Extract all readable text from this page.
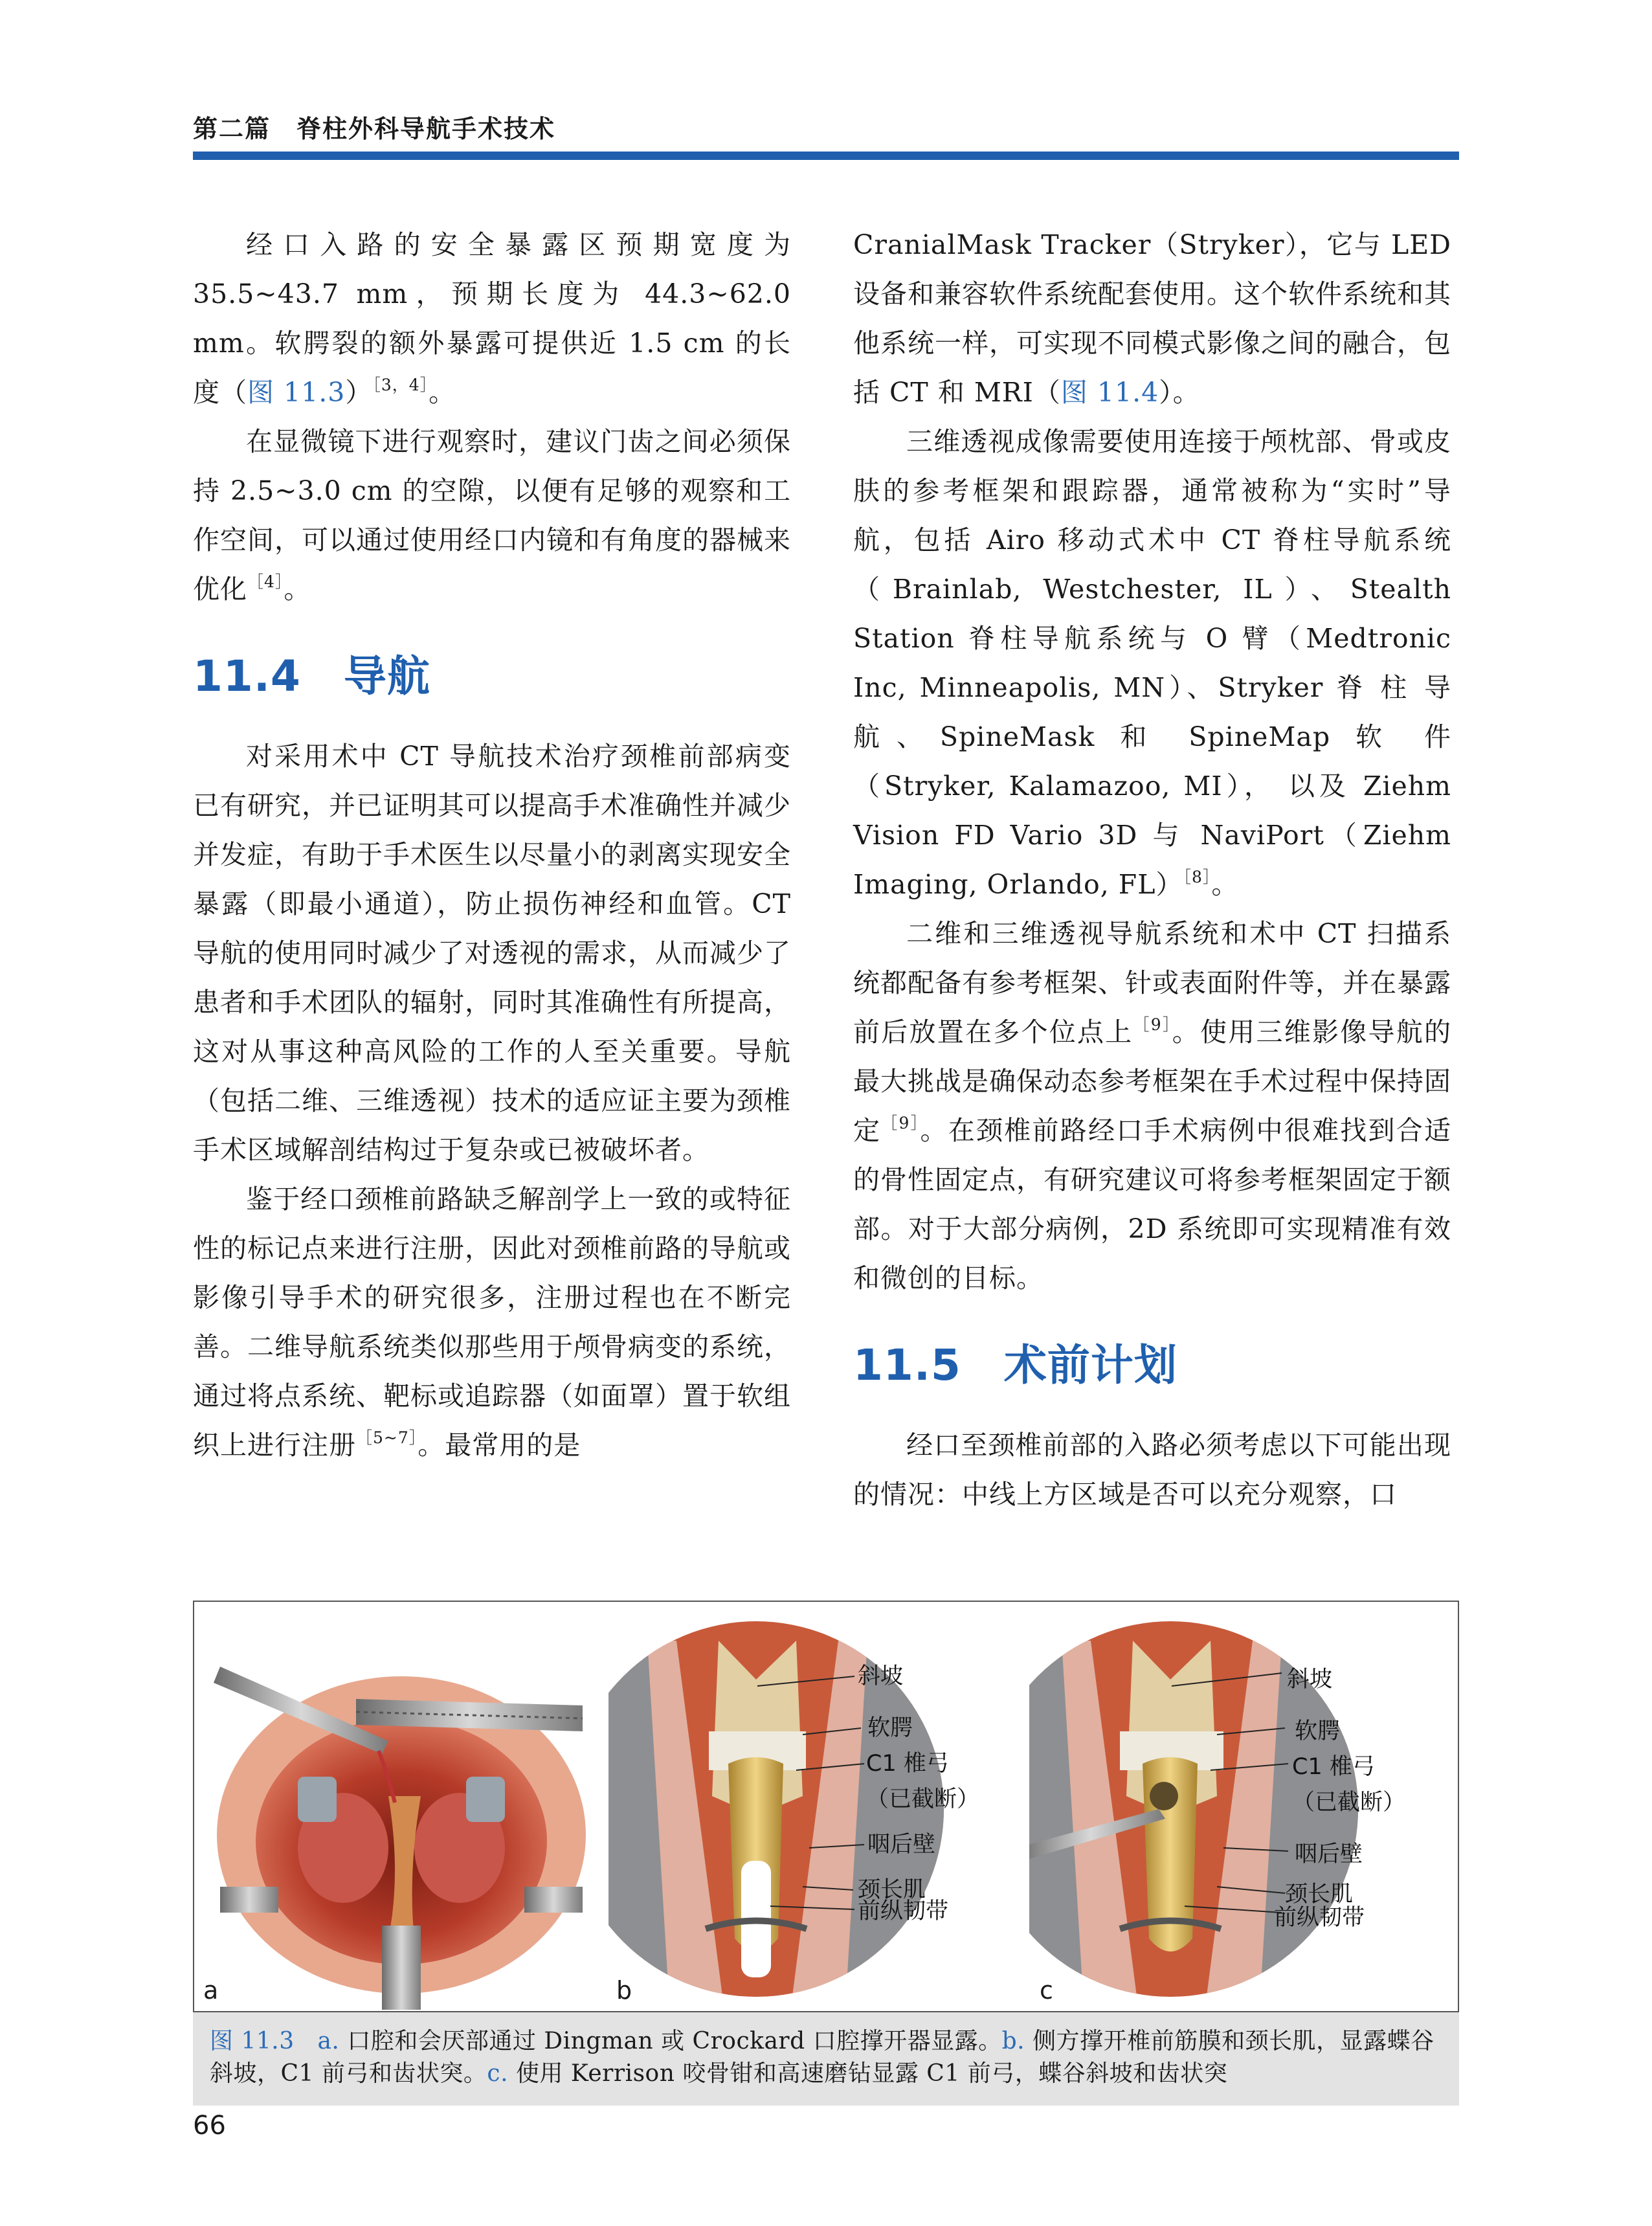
第二篇　脊柱外科导航手术技术

经口入路的安全暴露区预期宽度为 35.5~43.7 mm，预期长度为 44.3~62.0 mm。软腭裂的额外暴露可提供近 1.5 cm 的长度（图 11.3）$^{[3,4]}$。

在显微镜下进行观察时，建议门齿之间必须保持 2.5~3.0 cm 的空隙，以便有足够的观察和工作空间，可以通过使用经口内镜和有角度的器械来优化$^{[4]}$。

11.4 导航

对采用术中 CT 导航技术治疗颈椎前部病变已有研究，并已证明其可以提高手术准确性并减少并发症，有助于手术医生以尽量小的剥离实现安全暴露（即最小通道），防止损伤神经和血管。CT 导航的使用同时减少了对透视的需求，从而减少了患者和手术团队的辐射，同时其准确性有所提高，这对从事这种高风险的工作的人至关重要。导航（包括二维、三维透视）技术的适应证主要为颈椎手术区域解剖结构过于复杂或已被破坏者。

鉴于经口颈椎前路缺乏解剖学上一致的或特征性的标记点来进行注册，因此对颈椎前路的导航或影像引导手术的研究很多，注册过程也在不断完善。二维导航系统类似那些用于颅骨病变的系统，通过将点系统、靶标或追踪器（如面罩）置于软组织上进行注册$^{[5\sim 7]}$。最常用的是

CranialMask Tracker（Stryker），它与 LED 设备和兼容软件系统配套使用。这个软件系统和其他系统一样，可实现不同模式影像之间的融合，包括 CT 和 MRI（图 11.4）。

三维透视成像需要使用连接于颅枕部、骨或皮肤的参考框架和跟踪器，通常被称为“实时”导航，包括 Airo 移动式术中 CT 脊柱导航系统（Brainlab, Westchester, IL）、Stealth Station 脊柱导航系统与 O 臂（Medtronic Inc, Minneapolis, MN）、Stryker 脊 柱 导 航、SpineMask 和 SpineMap 软 件（Stryker, Kalamazoo, MI）， 以及 Ziehm Vision FD Vario 3D 与 NaviPort（Ziehm Imaging, Orlando, FL）$^{[8]}$。

二维和三维透视导航系统和术中 CT 扫描系统都配备有参考框架、针或表面附件等，并在暴露前后放置在多个位点上$^{[9]}$。使用三维影像导航的最大挑战是确保动态参考框架在手术过程中保持固定$^{[9]}$。在颈椎前路经口手术病例中很难找到合适的骨性固定点，有研究建议可将参考框架固定于额部。对于大部分病例，2D 系统即可实现精准有效和微创的目标。

11.5 术前计划

经口至颈椎前部的入路必须考虑以下可能出现的情况：中线上方区域是否可以充分观察，口

a
斜坡
软腭
C1 椎弓
（已截断）
咽后壁
颈长肌
前纵韧带
b
斜坡
软腭
C1 椎弓
（已截断）
咽后壁
颈长肌
前纵韧带
c
图 11.3 a. 口腔和会厌部通过 Dingman 或 Crockard 口腔撑开器显露。b. 侧方撑开椎前筋膜和颈长肌，显露蝶谷斜坡，C1 前弓和齿状突。c. 使用 Kerrison 咬骨钳和高速磨钻显露 C1 前弓，蝶谷斜坡和齿状突
66
